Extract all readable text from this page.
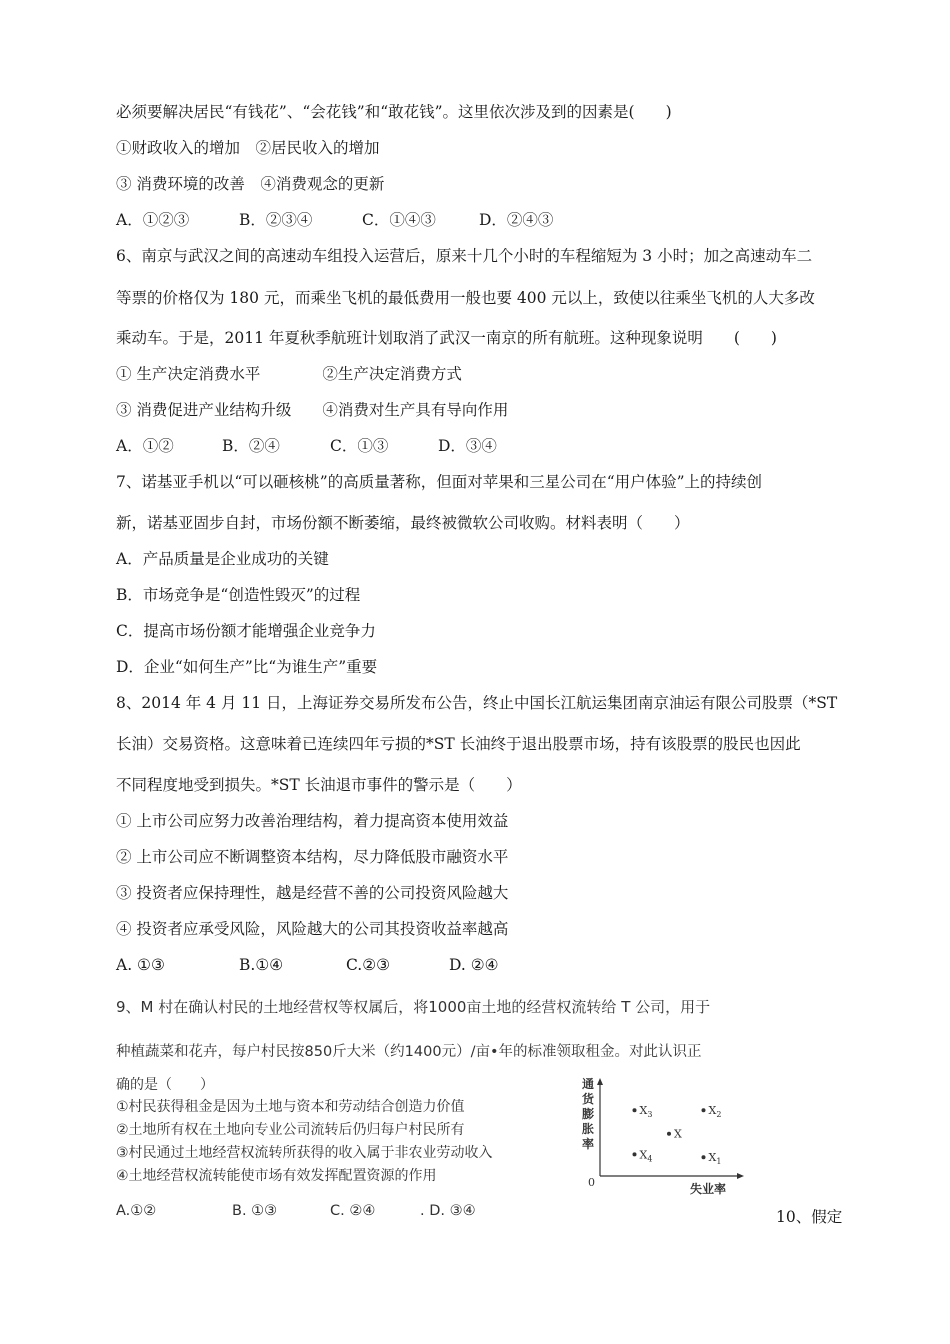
必须要解决居民“有钱花”、“会花钱”和“敢花钱”。这里依次涉及到的因素是(　　)
①财政收入的增加　②居民收入的增加
③ 消费环境的改善　④消费观念的更新
A．①②③	B．②③④	C．①④③	D．②④③
6、南京与武汉之间的高速动车组投入运营后，原来十几个小时的车程缩短为 3 小时；加之高速动车二
等票的价格仅为 180 元，而乘坐飞机的最低费用一般也要 400 元以上，致使以往乘坐飞机的人大多改
乘动车。于是，2011 年夏秋季航班计划取消了武汉一南京的所有航班。这种现象说明　　(　　)
① 生产决定消费水平　　　　②生产决定消费方式
③ 消费促进产业结构升级　　④消费对生产具有导向作用
A．①②	B．②④	C．①③	D．③④
7、诺基亚手机以“可以砸核桃”的高质量著称，但面对苹果和三星公司在“用户体验”上的持续创
新，诺基亚固步自封，市场份额不断萎缩，最终被微软公司收购。材料表明（　　）
A．产品质量是企业成功的关键
B．市场竞争是“创造性毁灭”的过程
C．提高市场份额才能增强企业竞争力
D．企业“如何生产”比“为谁生产”重要
8、2014 年 4 月 11 日，上海证券交易所发布公告，终止中国长江航运集团南京油运有限公司股票（*ST
长油）交易资格。这意味着已连续四年亏损的*ST 长油终于退出股票市场，持有该股票的股民也因此
不同程度地受到损失。*ST 长油退市事件的警示是（　　）
① 上市公司应努力改善治理结构，着力提高资本使用效益
② 上市公司应不断调整资本结构，尽力降低股市融资水平
③ 投资者应保持理性，越是经营不善的公司投资风险越大
④ 投资者应承受风险，风险越大的公司其投资收益率越高
A. ①③	B.①④	C.②③	D. ②④
9、M 村在确认村民的土地经营权等权属后，将1000亩土地的经营权流转给 T 公司，用于
种植蔬菜和花卉，每户村民按850斤大米（约1400元）/亩•年的标准领取租金。对此认识正
确的是（　　）
①村民获得租金是因为土地与资本和劳动结合创造力价值
②土地所有权在土地向专业公司流转后仍归每户村民所有
③村民通过土地经营权流转所获得的收入属于非农业劳动收入
④土地经营权流转能使市场有效发挥配置资源的作用
A.①②	B. ①③	C. ②④	. D. ③④
通货膨胀率
失业率
0
$X_3$	$X_2$
X
$X_4$	$X_1$
10、假定
